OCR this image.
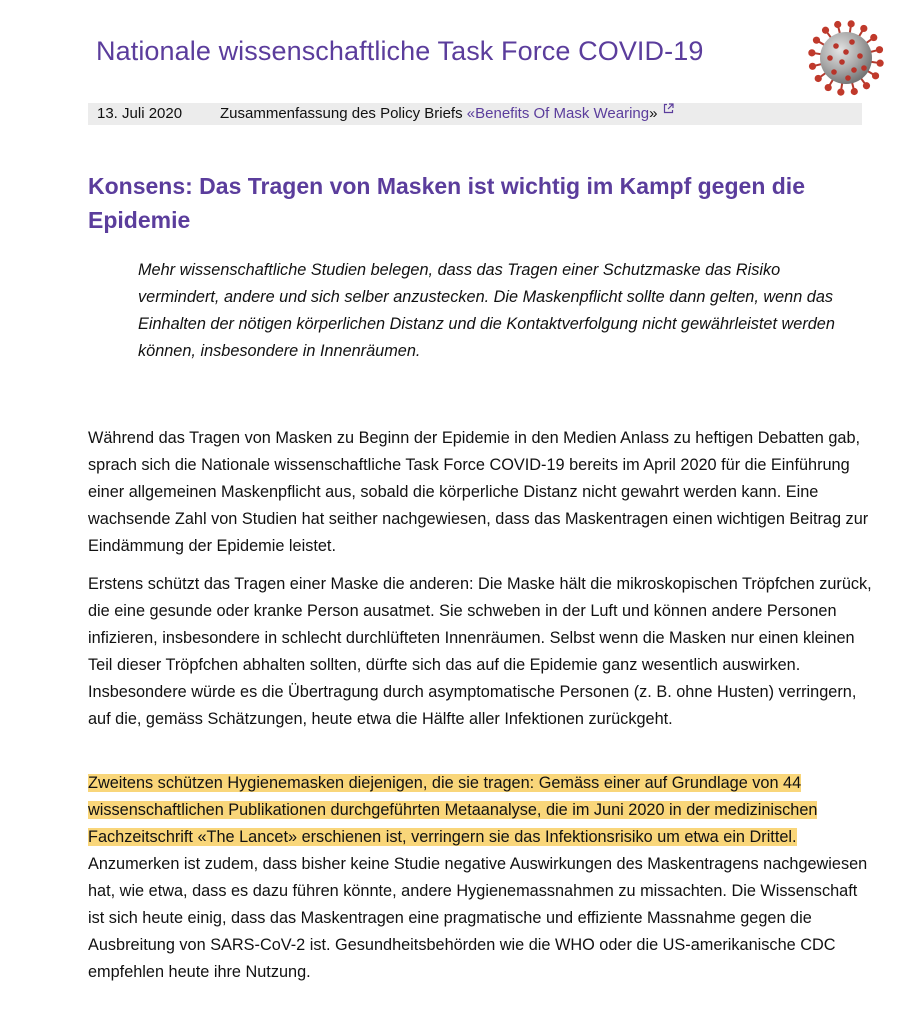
Nationale wissenschaftliche Task Force COVID-19
13. Juli 2020	Zusammenfassung des Policy Briefs «Benefits Of Mask Wearing»
Konsens: Das Tragen von Masken ist wichtig im Kampf gegen die Epidemie

Mehr wissenschaftliche Studien belegen, dass das Tragen einer Schutzmaske das Risiko vermindert, andere und sich selber anzustecken. Die Maskenpflicht sollte dann gelten, wenn das Einhalten der nötigen körperlichen Distanz und die Kontaktverfolgung nicht gewährleistet werden können, insbesondere in Innenräumen.

Während das Tragen von Masken zu Beginn der Epidemie in den Medien Anlass zu heftigen Debatten gab, sprach sich die Nationale wissenschaftliche Task Force COVID-19 bereits im April 2020 für die Einführung einer allgemeinen Maskenpflicht aus, sobald die körperliche Distanz nicht gewahrt werden kann. Eine wachsende Zahl von Studien hat seither nachgewiesen, dass das Maskentragen einen wichtigen Beitrag zur Eindämmung der Epidemie leistet.

Erstens schützt das Tragen einer Maske die anderen: Die Maske hält die mikroskopischen Tröpfchen zurück, die eine gesunde oder kranke Person ausatmet. Sie schweben in der Luft und können andere Personen infizieren, insbesondere in schlecht durchlüfteten Innenräumen. Selbst wenn die Masken nur einen kleinen Teil dieser Tröpfchen abhalten sollten, dürfte sich das auf die Epidemie ganz wesentlich auswirken. Insbesondere würde es die Übertragung durch asymptomatische Personen (z. B. ohne Husten) verringern, auf die, gemäss Schätzungen, heute etwa die Hälfte aller Infektionen zurückgeht.

Zweitens schützen Hygienemasken diejenigen, die sie tragen: Gemäss einer auf Grundlage von 44 wissenschaftlichen Publikationen durchgeführten Metaanalyse, die im Juni 2020 in der medizinischen Fachzeitschrift «The Lancet» erschienen ist, verringern sie das Infektionsrisiko um etwa ein Drittel. Anzumerken ist zudem, dass bisher keine Studie negative Auswirkungen des Maskentragens nachgewiesen hat, wie etwa, dass es dazu führen könnte, andere Hygienemassnahmen zu missachten. Die Wissenschaft ist sich heute einig, dass das Maskentragen eine pragmatische und effiziente Massnahme gegen die Ausbreitung von SARS-CoV-2 ist. Gesundheitsbehörden wie die WHO oder die US-amerikanische CDC empfehlen heute ihre Nutzung.
